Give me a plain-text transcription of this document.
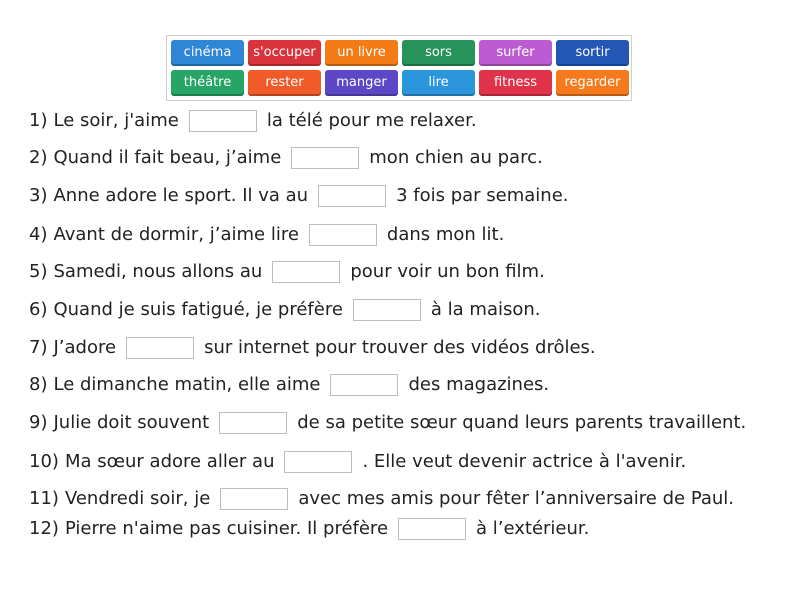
cinéma	s'occuper	un livre	sors	surfer	sortir
théâtre	rester	manger	lire	fitness	regarder
1) Le soir, j'aime	la télé pour me relaxer.
2) Quand il fait beau, j’aime	mon chien au parc.
3) Anne adore le sport. Il va au	3 fois par semaine.
4) Avant de dormir, j’aime lire	dans mon lit.
5) Samedi, nous allons au	pour voir un bon film.
6) Quand je suis fatigué, je préfère	à la maison.
7) J’adore	sur internet pour trouver des vidéos drôles.
8) Le dimanche matin, elle aime	des magazines.
9) Julie doit souvent	de sa petite sœur quand leurs parents travaillent.
10) Ma sœur adore aller au	. Elle veut devenir actrice à l'avenir.
11) Vendredi soir, je	avec mes amis pour fêter l’anniversaire de Paul.
12) Pierre n'aime pas cuisiner. Il préfère	à l’extérieur.
